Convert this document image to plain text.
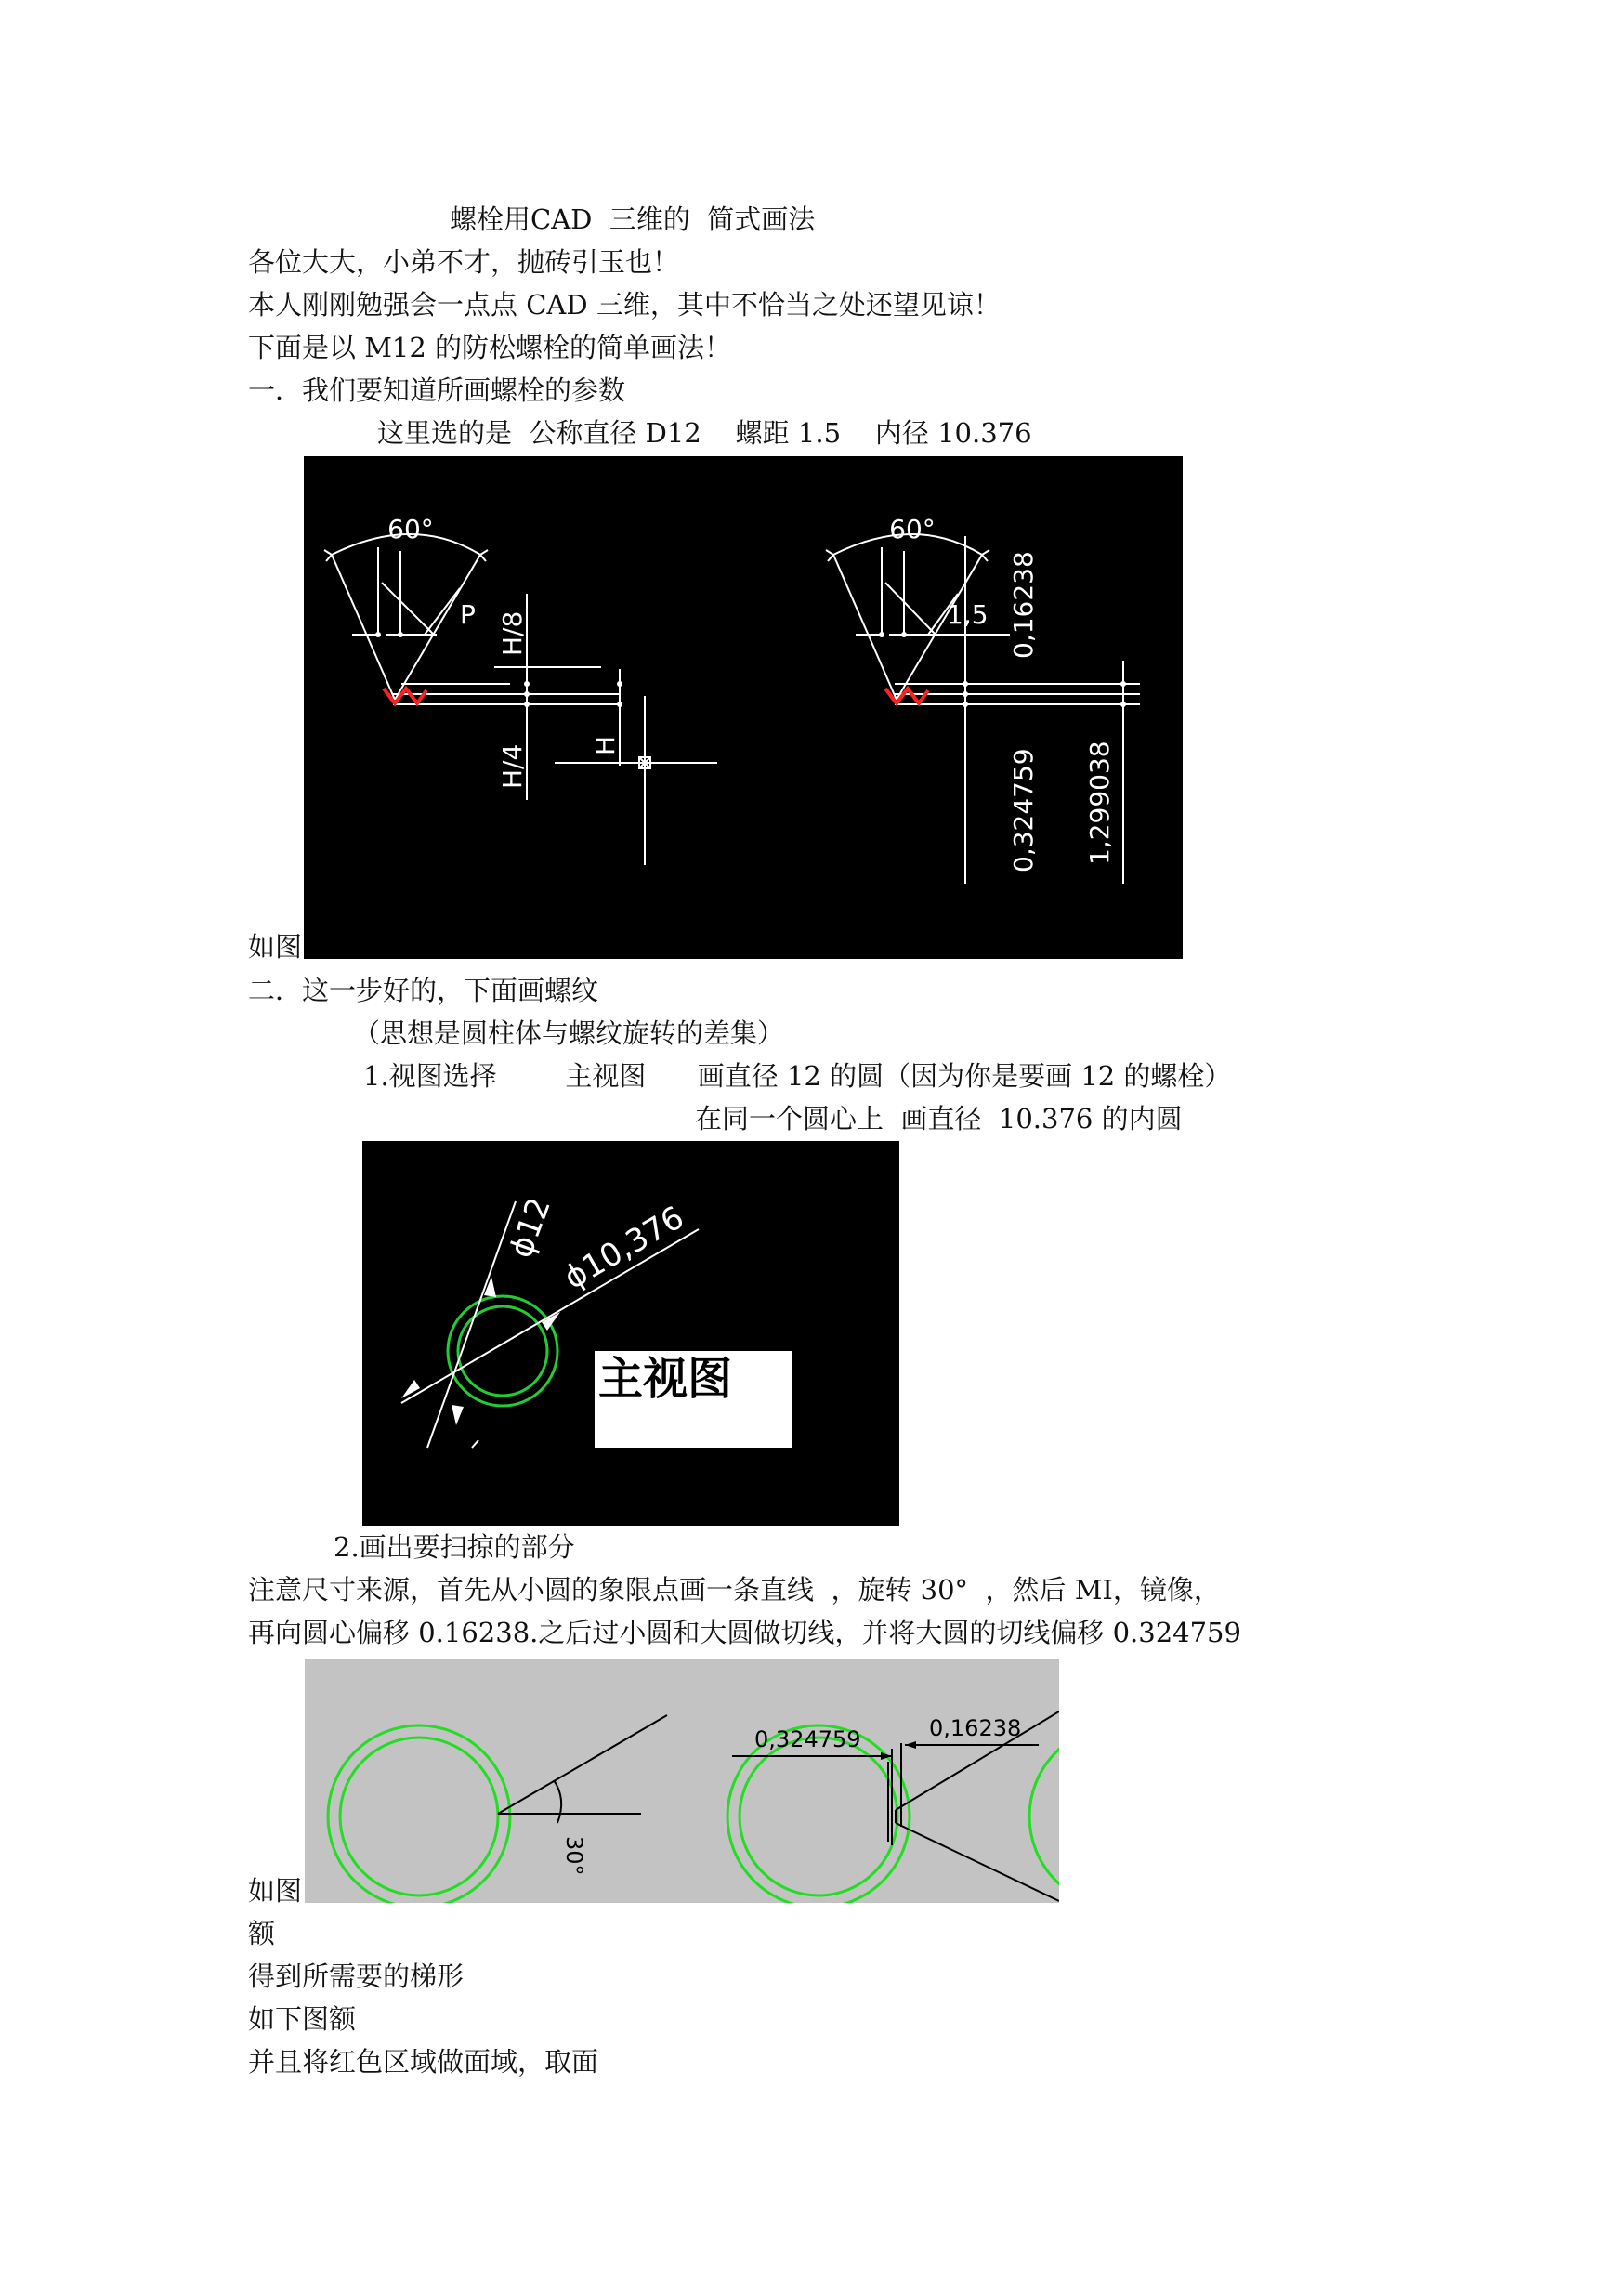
螺栓用CAD  三维的  简式画法
各位大大，小弟不才，抛砖引玉也！
本人刚刚勉强会一点点 CAD 三维，其中不恰当之处还望见谅！
下面是以 M12 的防松螺栓的简单画法！
一．我们要知道所画螺栓的参数
这里选的是  公称直径 D12    螺距 1.5    内径 10.376
如图
60°
P H/8
H/4 H
60°
1,5 0,16238
0,324759 1,299038
二．这一步好的，下面画螺纹
（思想是圆柱体与螺纹旋转的差集）
1.视图选择        主视图      画直径 12 的圆（因为你是要画 12 的螺栓）
在同一个圆心上  画直径  10.376 的内圆
ϕ12 ϕ10,376
主视图
2.画出要扫掠的部分
注意尺寸来源，首先从小圆的象限点画一条直线  ，旋转 30°  ，然后 MI，镜像，
再向圆心偏移 0.16238.之后过小圆和大圆做切线，并将大圆的切线偏移 0.324759
如图
30°
0,324759	0,16238
额
得到所需要的梯形
如下图额
并且将红色区域做面域，取面
